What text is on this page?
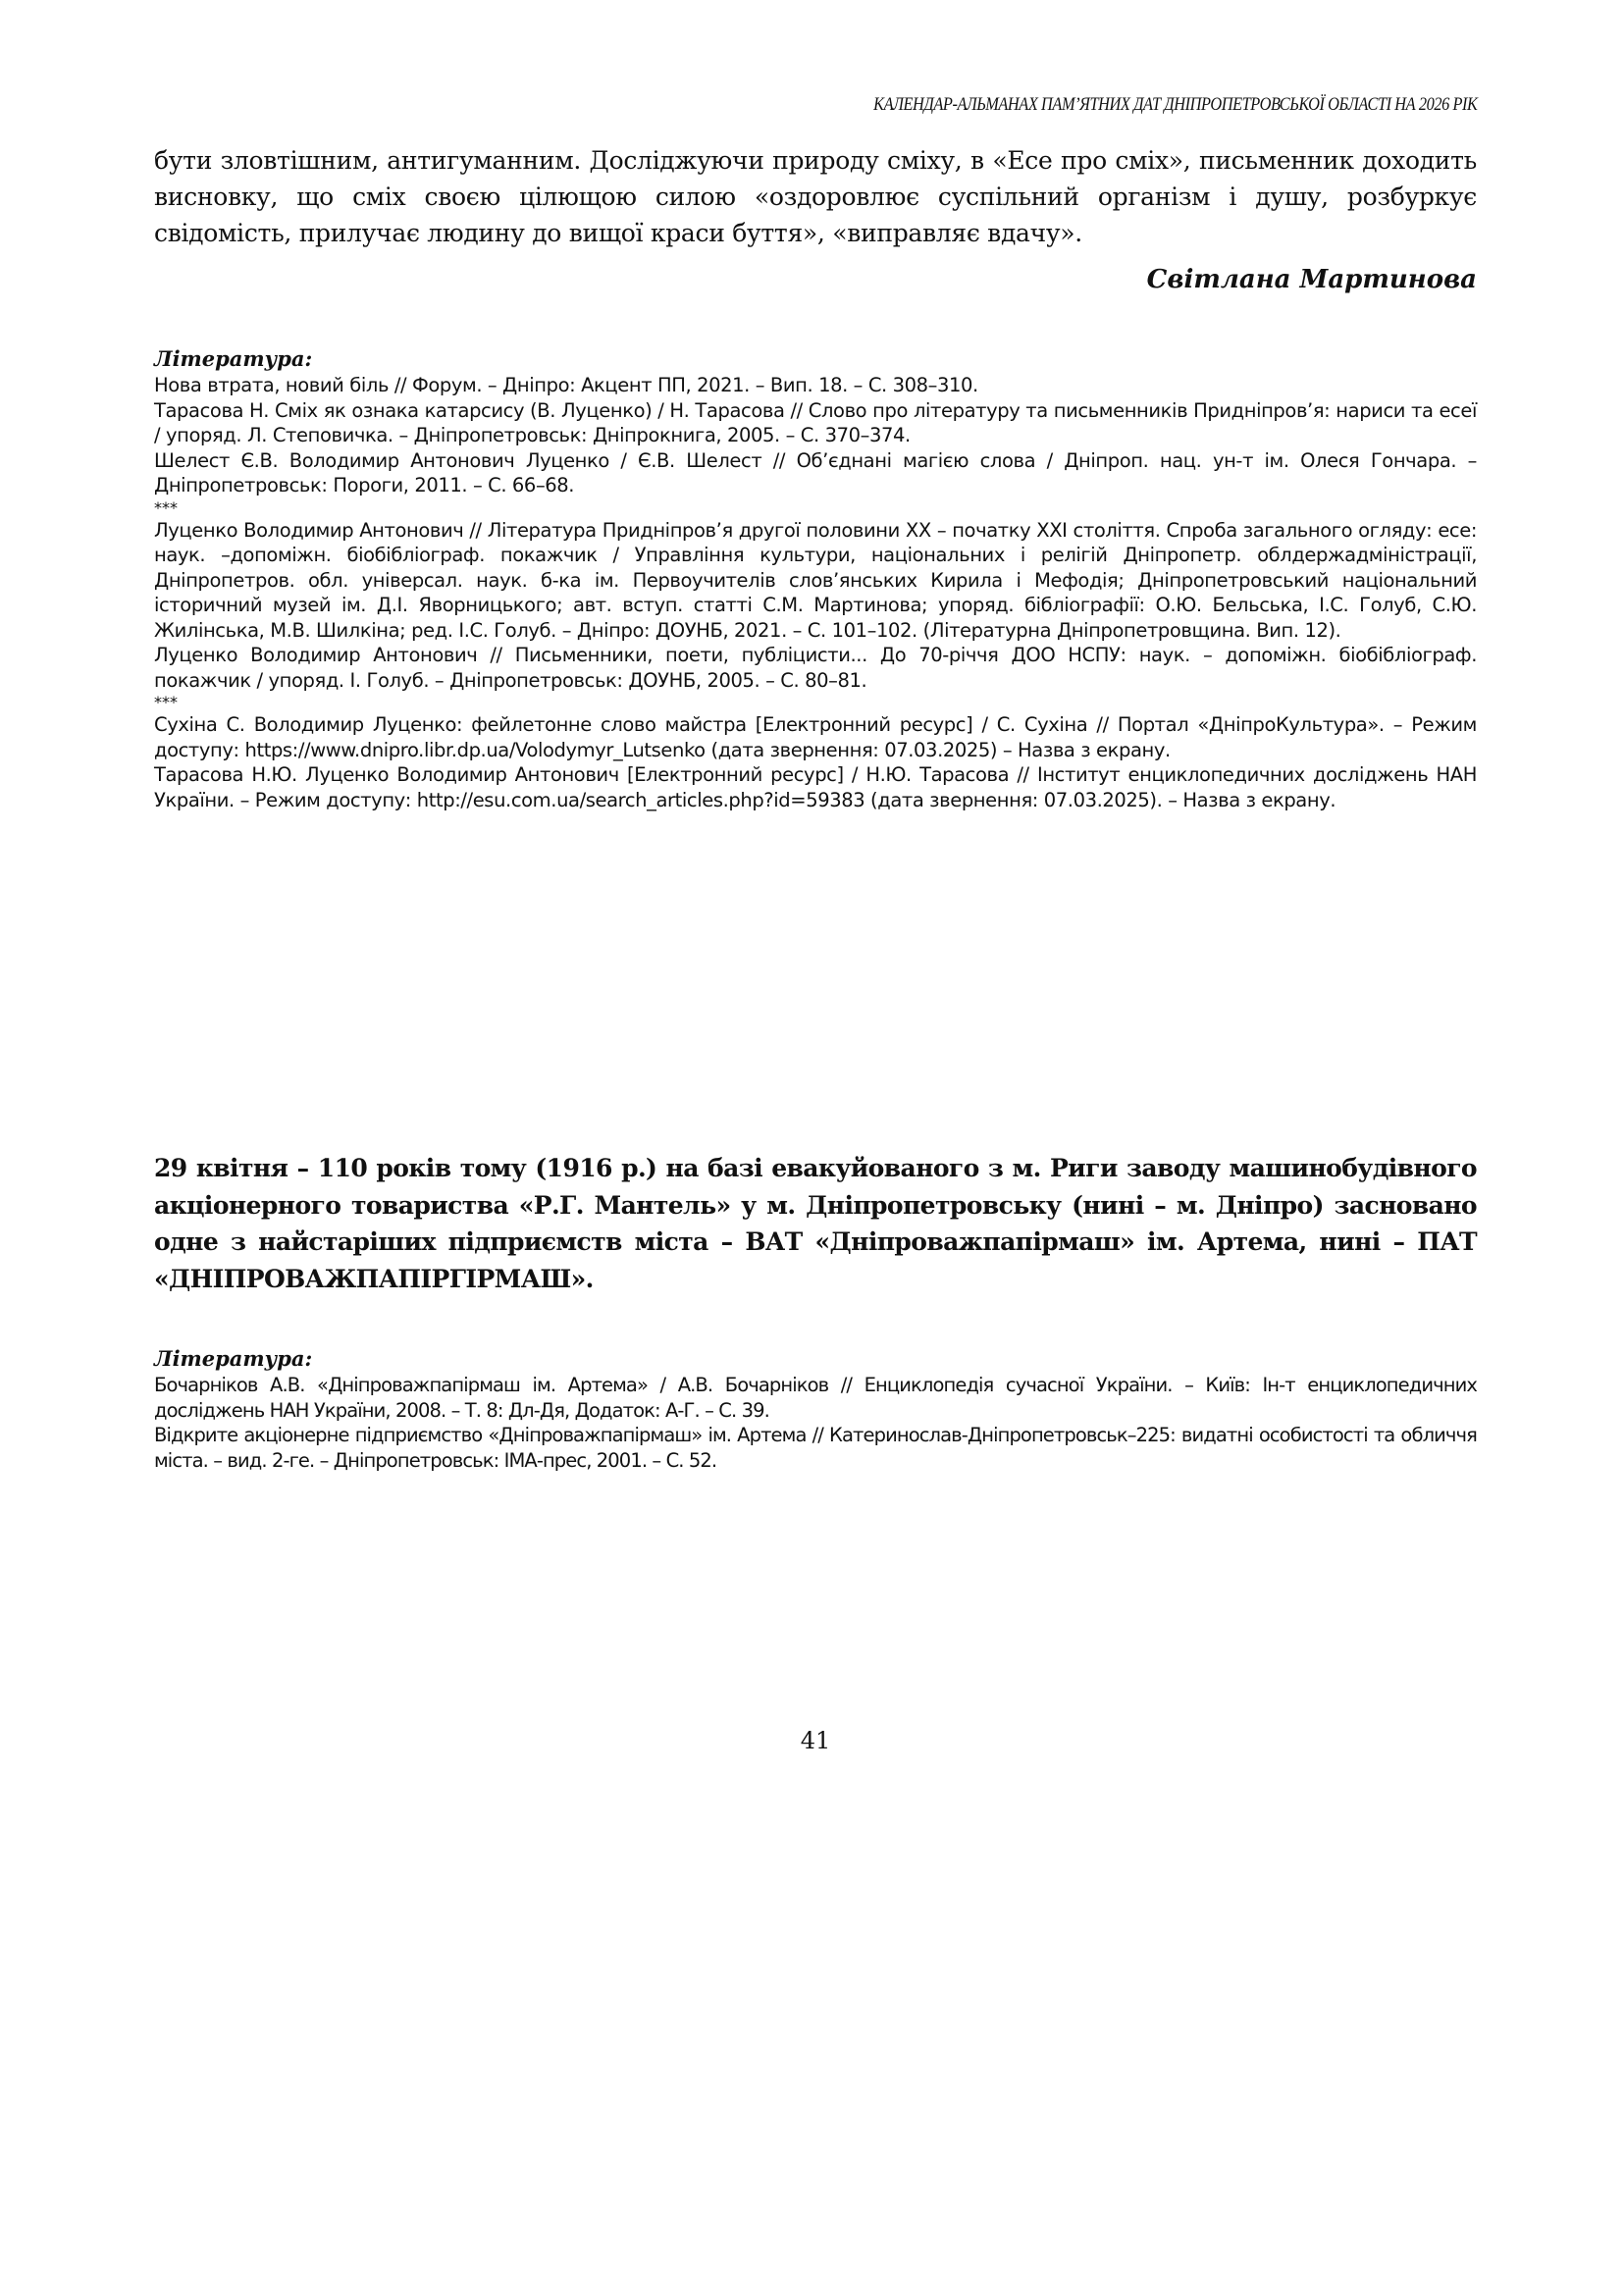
КАЛЕНДАР-АЛЬМАНАХ ПАМ’ЯТНИХ ДАТ ДНІПРОПЕТРОВСЬКОЇ ОБЛАСТІ НА 2026 РІК

бути зловтішним, антигуманним. Досліджуючи природу сміху, в «Есе про сміх», письменник доходить висновку, що сміх своєю цілющою силою «оздоровлює суспільний організм і душу, розбуркує свідомість, прилучає людину до вищої краси буття», «виправляє вдачу».

Світлана Мартинова

Література:

Нова втрата, новий біль // Форум. – Дніпро: Акцент ПП, 2021. – Вип. 18. – С. 308–310.

Тарасова Н. Сміх як ознака катарсису (В. Луценко) / Н. Тарасова // Слово про літературу та письменників Придніпров’я: нариси та есеї / упоряд. Л. Степовичка. – Дніпропетровськ: Дніпрокнига, 2005. – С. 370–374.

Шелест Є.В. Володимир Антонович Луценко / Є.В. Шелест // Об’єднані магією слова / Дніпроп. нац. ун-т ім. Олеся Гончара. – Дніпропетровськ: Пороги, 2011. – С. 66–68.

***

Луценко Володимир Антонович // Література Придніпров’я другої половини ХХ – початку ХХІ століття. Спроба загального огляду: есе: наук. –допоміжн. біобібліограф. покажчик / Управління культури, національних і релігій Дніпропетр. облдержадміністрації, Дніпропетров. обл. універсал. наук. б-ка ім. Первоучителів слов’янських Кирила і Мефодія; Дніпропетровський національний історичний музей ім. Д.І. Яворницького; авт. вступ. статті С.М. Мартинова; упоряд. бібліографії: О.Ю. Бельська, І.С. Голуб, С.Ю. Жилінська, М.В. Шилкіна; ред. І.С. Голуб. – Дніпро: ДОУНБ, 2021. – С. 101–102. (Літературна Дніпропетровщина. Вип. 12).

Луценко Володимир Антонович // Письменники, поети, публіцисти... До 70-річчя ДОО НСПУ: наук. – допоміжн. біобібліограф. покажчик / упоряд. І. Голуб. – Дніпропетровськ: ДОУНБ, 2005. – С. 80–81.

***

Сухіна С. Володимир Луценко: фейлетонне слово майстра [Електронний ресурс] / С. Сухіна // Портал «ДніпроКультура». – Режим доступу: https://www.dnipro.libr.dp.ua/Volodymyr_Lutsenko (дата звернення: 07.03.2025) – Назва з екрану.

Тарасова Н.Ю. Луценко Володимир Антонович [Електронний ресурс] / Н.Ю. Тарасова // Інститут енциклопедичних досліджень НАН України. – Режим доступу: http://esu.com.ua/search_articles.php?id=59383 (дата звернення: 07.03.2025). – Назва з екрану.

29 квітня – 110 років тому (1916 р.) на базі евакуйованого з м. Риги заводу машинобудівного акціонерного товариства «Р.Г. Мантель» у м. Дніпропетровську (нині – м. Дніпро) засновано одне з найстаріших підприємств міста – ВАТ «Дніпроважпапірмаш» ім. Артема, нині – ПАТ «ДНІПРОВАЖПАПІРГІРМАШ».

Література:

Бочарніков А.В. «Дніпроважпапірмаш ім. Артема» / А.В. Бочарніков // Енциклопедія сучасної України. – Київ: Ін-т енциклопедичних досліджень НАН України, 2008. – Т. 8: Дл-Дя, Додаток: А-Г. – С. 39.

Відкрите акціонерне підприємство «Дніпроважпапірмаш» ім. Артема // Катеринослав-Дніпропетровськ–225: видатні особистості та обличчя міста. – вид. 2-ге. – Дніпропетровськ: ІМА-прес, 2001. – С. 52.

41
